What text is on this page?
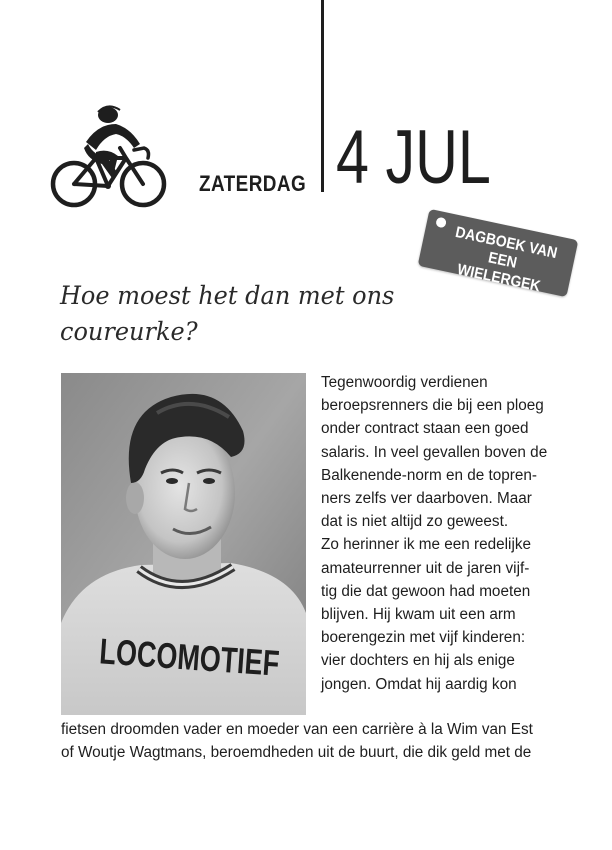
ZATERDAG 4 JUL
DAGBOEK VAN EEN WIELERGEK
Hoe moest het dan met ons coureurke?
LOCOMOTIEF
Tegenwoordig verdienen
beroepsrenners die bij een ploeg
onder contract staan een goed
salaris. In veel gevallen boven de
Balkenende-norm en de topren-
ners zelfs ver daarboven. Maar
dat is niet altijd zo geweest.
Zo herinner ik me een redelijke
amateurrenner uit de jaren vijf-
tig die dat gewoon had moeten
blijven. Hij kwam uit een arm
boerengezin met vijf kinderen:
vier dochters en hij als enige
jongen. Omdat hij aardig kon
fietsen droomden vader en moeder van een carrière à la Wim van Est
of Woutje Wagtmans, beroemdheden uit de buurt, die dik geld met de
